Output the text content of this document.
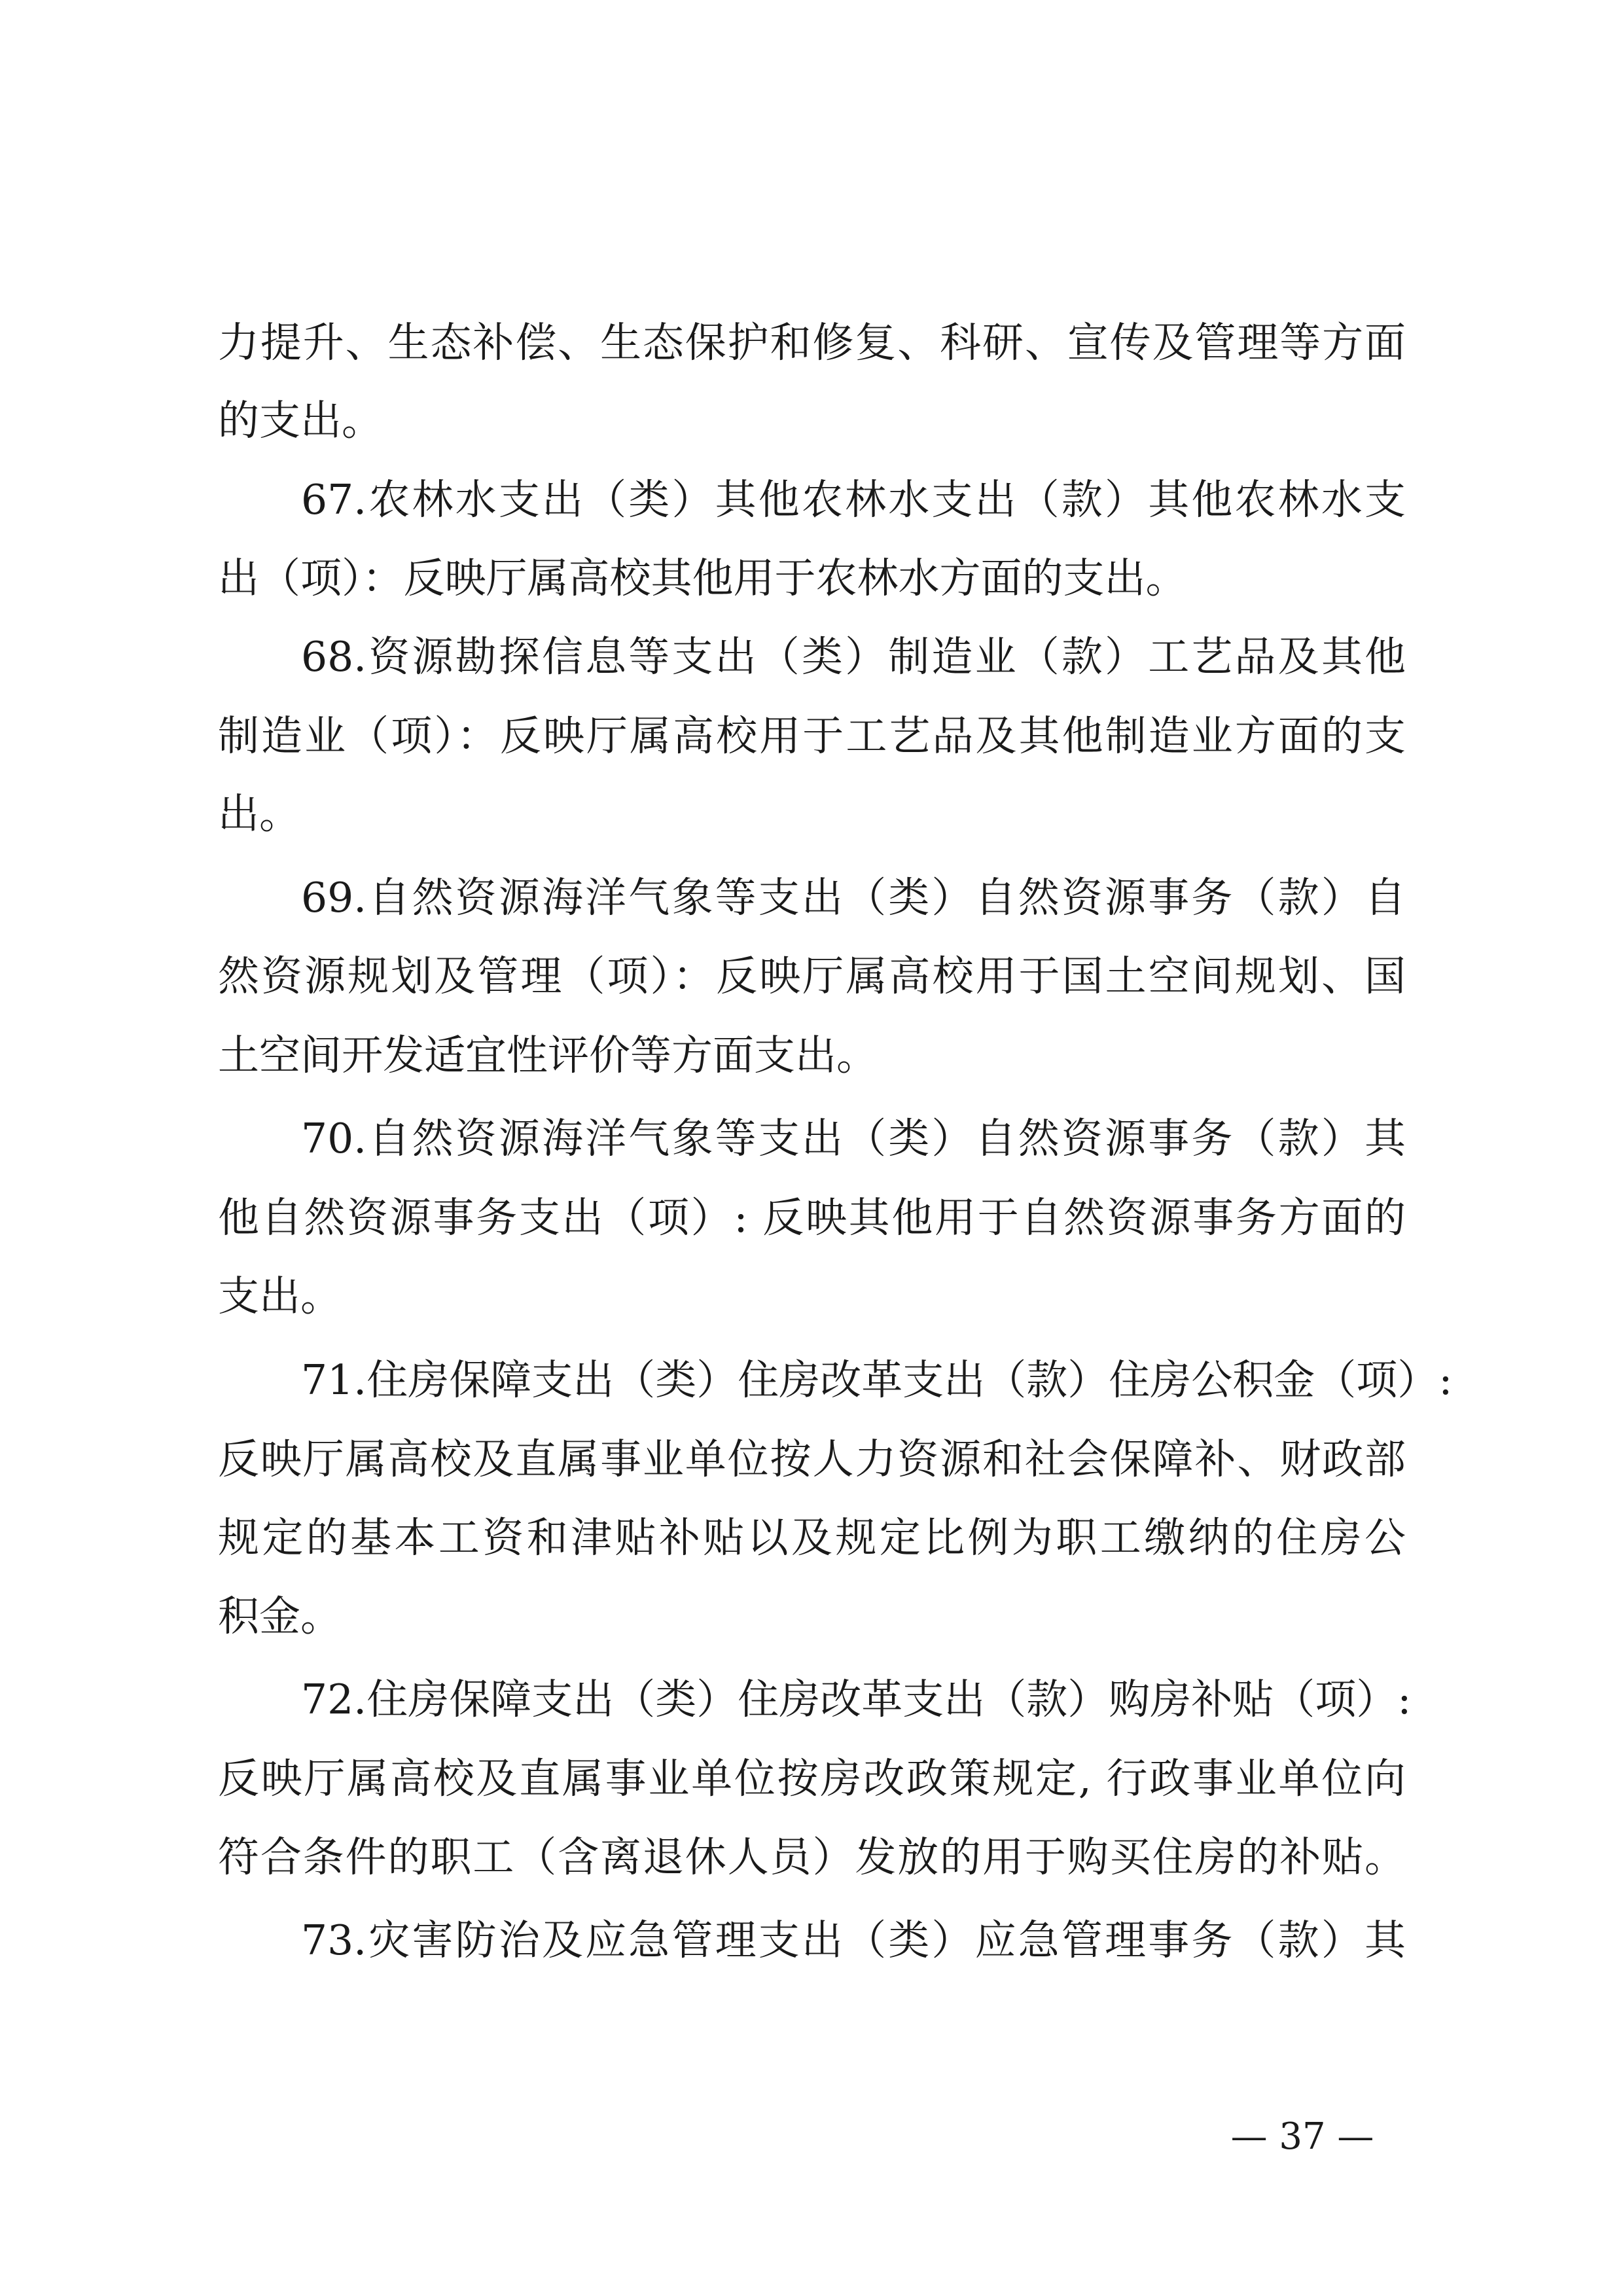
力提升、生态补偿、生态保护和修复、科研、宣传及管理等方面
的支出。
67.农林水支出（类）其他农林水支出（款）其他农林水支
出（项）：反映厅属高校其他用于农林水方面的支出。
68.资源勘探信息等支出（类）制造业（款）工艺品及其他
制造业（项）：反映厅属高校用于工艺品及其他制造业方面的支
出。
69.自然资源海洋气象等支出（类）自然资源事务（款）自
然资源规划及管理（项）：反映厅属高校用于国土空间规划、国
土空间开发适宜性评价等方面支出。
70.自然资源海洋气象等支出（类）自然资源事务（款）其
他自然资源事务支出（项）: 反映其他用于自然资源事务方面的
支出。
71.住房保障支出（类）住房改革支出（款）住房公积金（项）:
反映厅属高校及直属事业单位按人力资源和社会保障补、财政部
规定的基本工资和津贴补贴以及规定比例为职工缴纳的住房公
积金。
72.住房保障支出（类）住房改革支出（款）购房补贴（项）:
反映厅属高校及直属事业单位按房改政策规定, 行政事业单位向
符合条件的职工（含离退休人员）发放的用于购买住房的补贴。
73.灾害防治及应急管理支出（类）应急管理事务（款）其
— 37 —
